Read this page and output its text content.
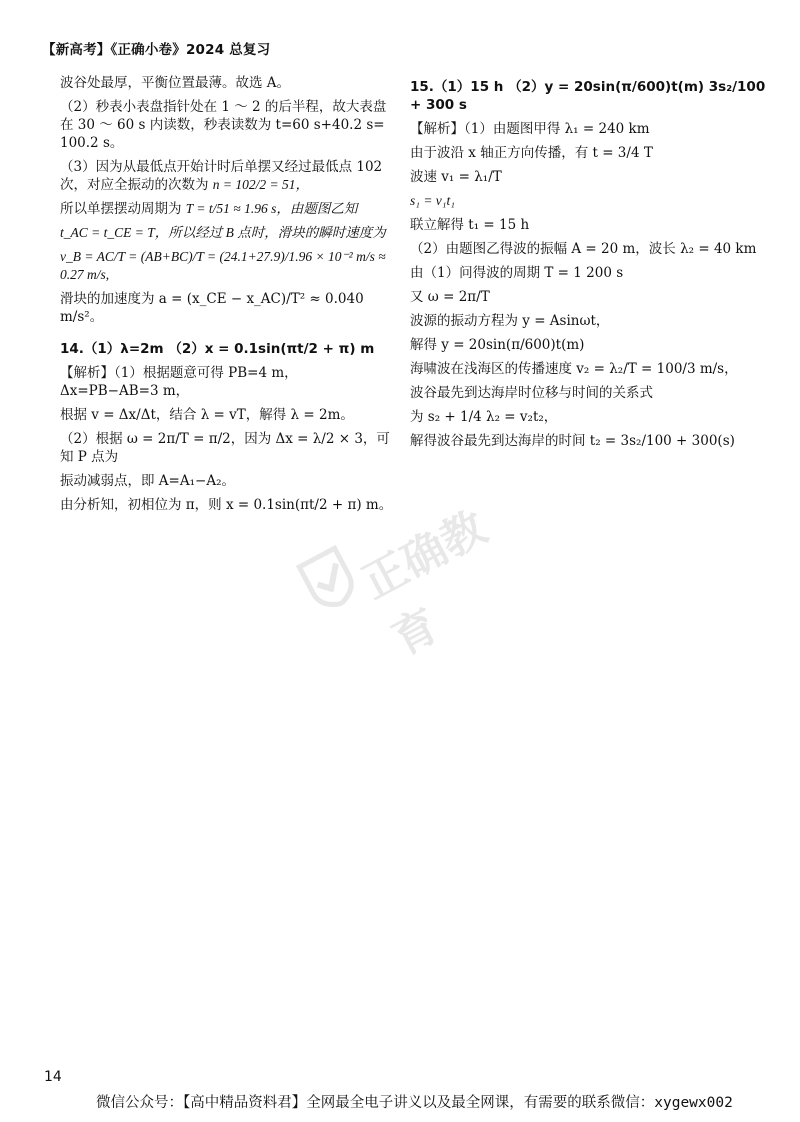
【新高考】《正确小卷》2024 总复习

波谷处最厚，平衡位置最薄。故选 A。

（2）秒表小表盘指针处在 1 ～ 2 的后半程，故大表盘在 30 ～ 60 s 内读数，秒表读数为 t=60 s+40.2 s= 100.2 s。

（3）因为从最低点开始计时后单摆又经过最低点 102 次，对应全振动的次数为 n = 102/2 = 51，

所以单摆摆动周期为 T = t/51 ≈ 1.96 s，由题图乙知

t_AC = t_CE = T，所以经过 B 点时，滑块的瞬时速度为

v_B = AC/T = (AB+BC)/T = (24.1+27.9)/1.96 × 10⁻² m/s ≈ 0.27 m/s,

滑块的加速度为 a = (x_CE − x_AC)/T² ≈ 0.040 m/s²。

14.（1）λ=2m （2）x = 0.1sin(πt/2 + π) m

【解析】（1）根据题意可得 PB=4 m，Δx=PB−AB=3 m，

根据 v = Δx/Δt，结合 λ = vT，解得 λ = 2m。

（2）根据 ω = 2π/T = π/2，因为 Δx = λ/2 × 3，可知 P 点为

振动减弱点，即 A=A₁−A₂。

由分析知，初相位为 π，则 x = 0.1sin(πt/2 + π) m。

15.（1）15 h （2）y = 20sin(π/600)t(m) 3s₂/100 + 300 s

【解析】（1）由题图甲得 λ₁ = 240 km

由于波沿 x 轴正方向传播，有 t = 3/4 T

波速 v₁ = λ₁/T

s₁ = v₁t₁

联立解得 t₁ = 15 h

（2）由题图乙得波的振幅 A = 20 m，波长 λ₂ = 40 km

由（1）问得波的周期 T = 1 200 s

又 ω = 2π/T

波源的振动方程为 y = Asinωt，

解得 y = 20sin(π/600)t(m)

海啸波在浅海区的传播速度 v₂ = λ₂/T = 100/3 m/s，

波谷最先到达海岸时位移与时间的关系式

为 s₂ + 1/4 λ₂ = v₂t₂，

解得波谷最先到达海岸的时间 t₂ = 3s₂/100 + 300(s)

正确教育
14
微信公众号：【高中精品资料君】全网最全电子讲义以及最全网课，有需要的联系微信：xygewx002
